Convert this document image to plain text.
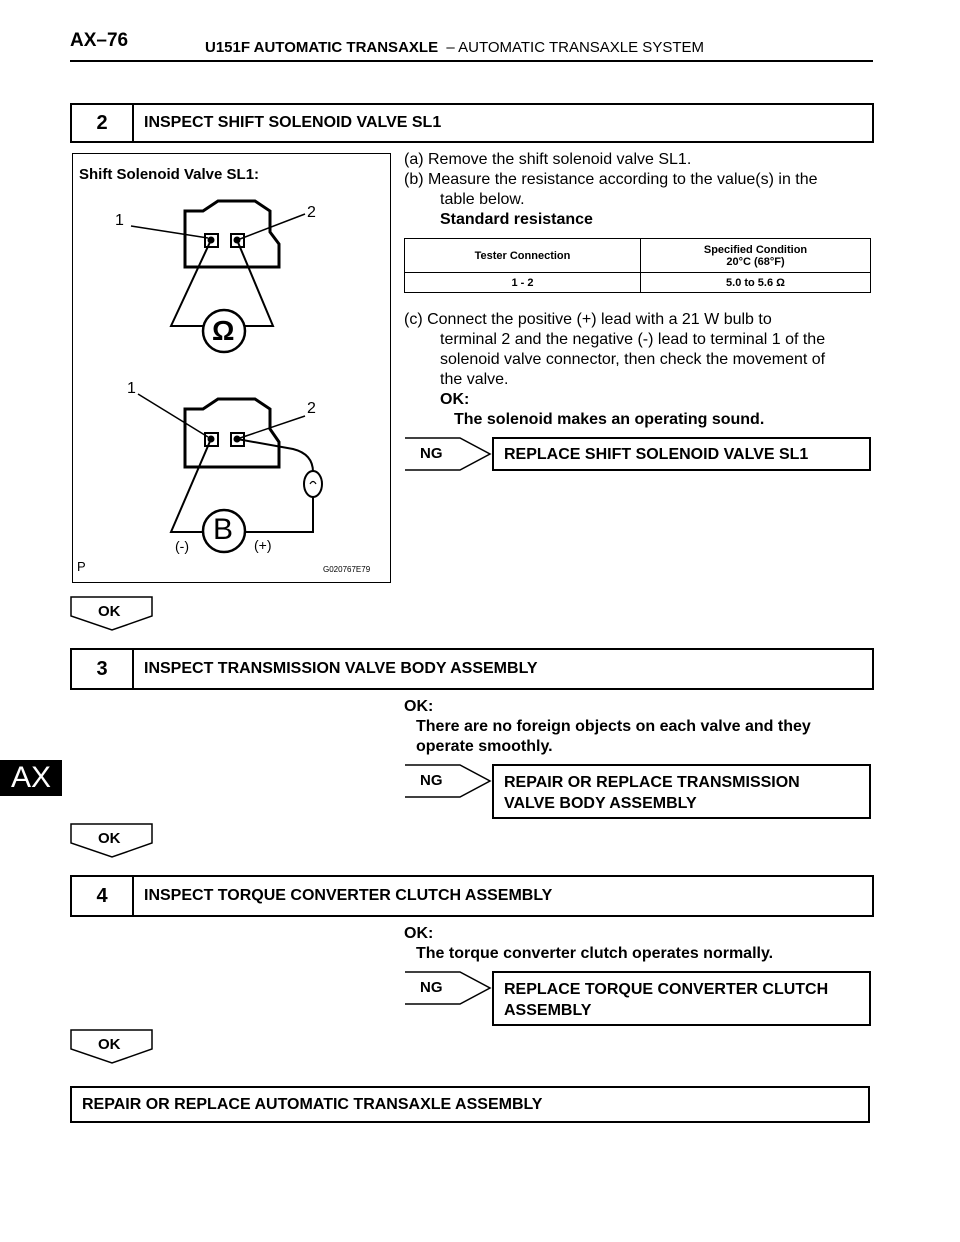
AX–76	U151F AUTOMATIC TRANSAXLE – AUTOMATIC TRANSAXLE SYSTEM
AX
2	INSPECT SHIFT SOLENOID VALVE SL1
Shift Solenoid Valve SL1:
1	2
Ω
1
2
B
(-)	(+)
P	G020767E79
(a) Remove the shift solenoid valve SL1.
(b) Measure the resistance according to the value(s) in the
table below.
Standard resistance
Tester Connection	Specified Condition
20°C (68°F)
1 - 2	5.0 to 5.6 Ω
(c) Connect the positive (+) lead with a 21 W bulb to
terminal 2 and the negative (-) lead to terminal 1 of the
solenoid valve connector, then check the movement of
the valve.
OK:
The solenoid makes an operating sound.
NG	REPLACE SHIFT SOLENOID VALVE SL1
OK
3	INSPECT TRANSMISSION VALVE BODY ASSEMBLY
OK:
There are no foreign objects on each valve and they
operate smoothly.
NG	REPAIR OR REPLACE TRANSMISSION
VALVE BODY ASSEMBLY
OK
4	INSPECT TORQUE CONVERTER CLUTCH ASSEMBLY
OK:
The torque converter clutch operates normally.
NG	REPLACE TORQUE CONVERTER CLUTCH
ASSEMBLY
OK
REPAIR OR REPLACE AUTOMATIC TRANSAXLE ASSEMBLY
